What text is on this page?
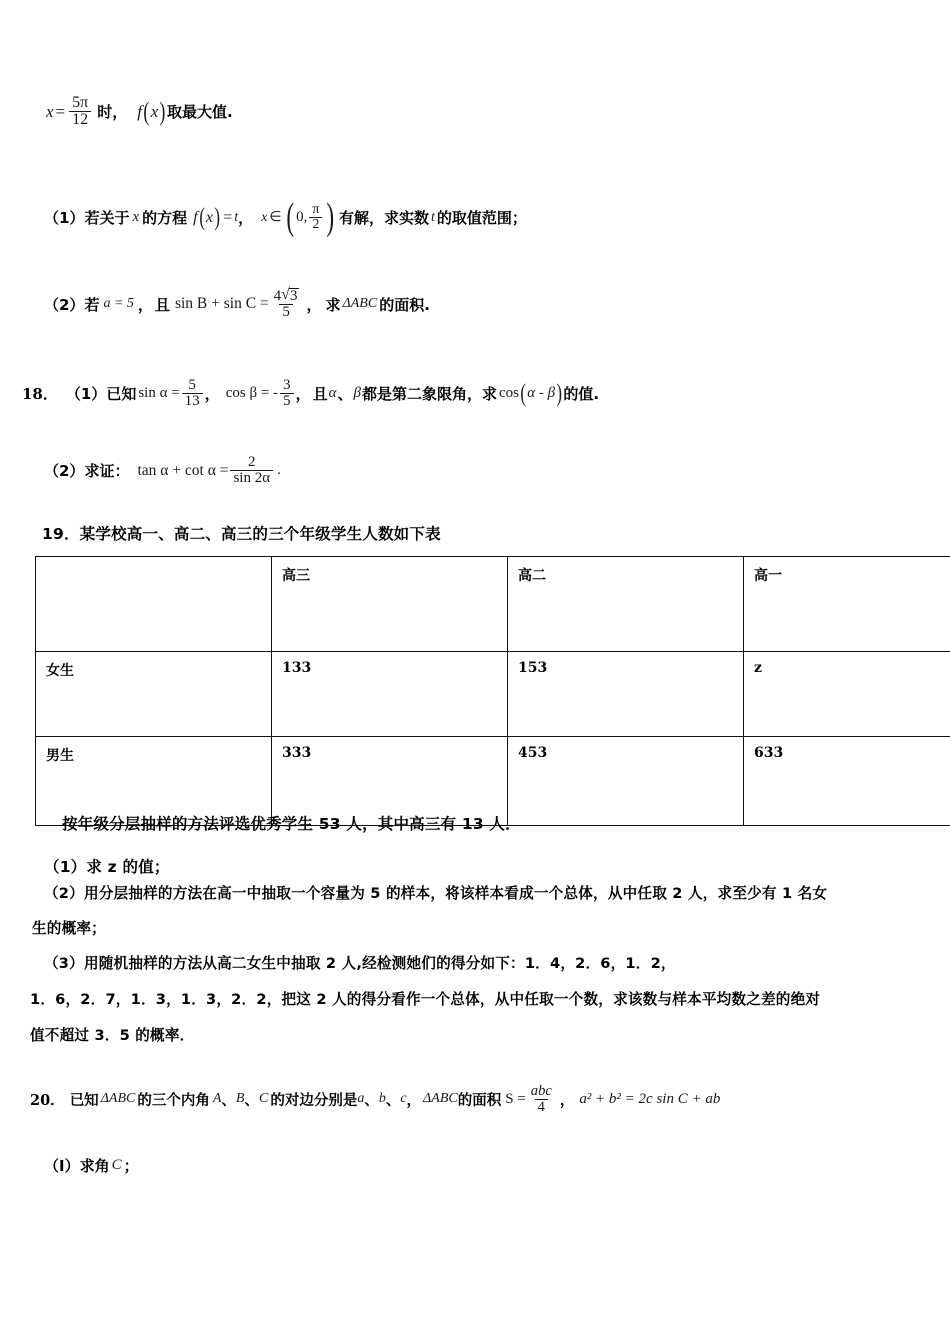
$x = \frac{5\pi}{12}$ 时， f ( x ) 取最大值.
（1） 若关于 x 的方程 f ( x ) = t ， x ∈ ( 0, $\frac{\pi}{2}$ ) 有解，求实数 t 的取值范围；
（2） 若 a = 5 ， 且 $\sin B + \sin C = \frac{4 √ 3}{5}$ ， 求 ΔABC 的面积.
18． （1） 已知 $\sin \alpha = \frac{5}{13}$ ， cos β = - $\frac{3}{5}$ ， 且 α 、 β 都是第二象限角，求 cos ( α - β ) 的值.
（2） 求证： $\tan \alpha + \cot \alpha = \frac{2}{\sin 2\alpha}$ .
19．某学校高一、高二、高三的三个年级学生人数如下表
	高三	高二	高一
女生	133	153	z
男生	333	453	633
按年级分层抽样的方法评选优秀学生 53 人，其中高三有 13 人．
（1）求 z 的值；
（2）用分层抽样的方法在高一中抽取一个容量为 5 的样本，将该样本看成一个总体，从中任取 2 人，求至少有 1 名女
生的概率；
（3）用随机抽样的方法从高二女生中抽取 2 人,经检测她们的得分如下：1．4，2．6，1．2，
1．6，2．7，1．3，1．3，2．2，把这 2 人的得分看作一个总体，从中任取一个数，求该数与样本平均数之差的绝对
值不超过 3．5 的概率．
20． 已知 ΔABC 的三个内角 A 、 B 、 C 的对边分别是 a 、 b 、 c ， ΔABC 的面积 $S = \frac{\text{abc}}{4}$ ， a² + b² = 2c sin C + ab
（Ⅰ） 求角 C ；
